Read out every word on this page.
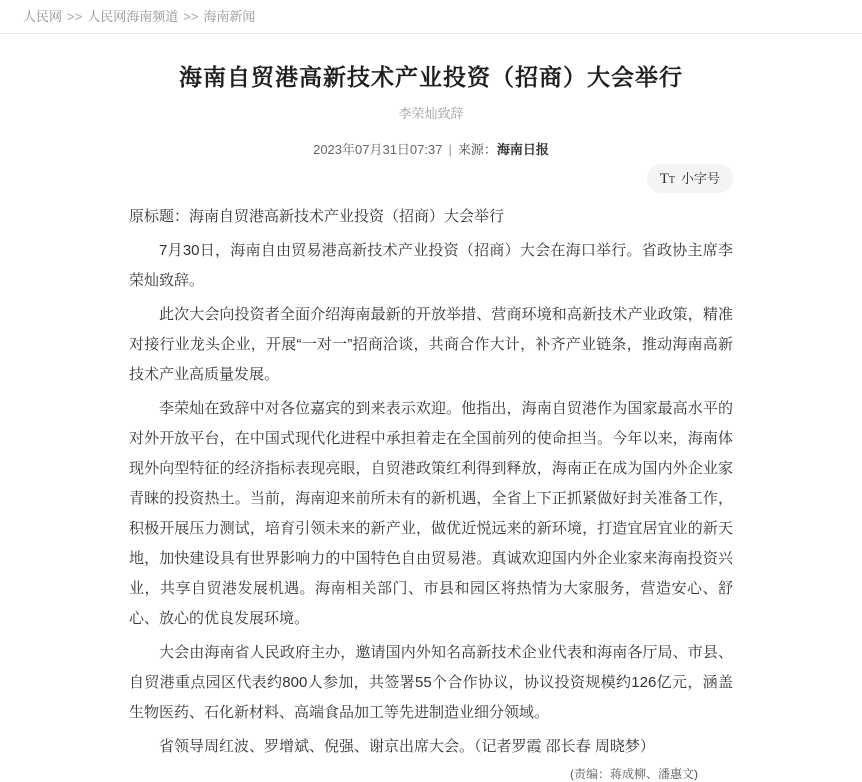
人民网 >> 人民网海南频道 >> 海南新闻
海南自贸港高新技术产业投资（招商）大会举行
李荣灿致辞
2023年07月31日07:37 | 来源：海南日报
T T 小字号

原标题：海南自贸港高新技术产业投资（招商）大会举行

7月30日，海南自由贸易港高新技术产业投资（招商）大会在海口举行。省政协主席李荣灿致辞。

此次大会向投资者全面介绍海南最新的开放举措、营商环境和高新技术产业政策，精准对接行业龙头企业，开展“一对一”招商洽谈，共商合作大计，补齐产业链条，推动海南高新技术产业高质量发展。

李荣灿在致辞中对各位嘉宾的到来表示欢迎。他指出，海南自贸港作为国家最高水平的对外开放平台，在中国式现代化进程中承担着走在全国前列的使命担当。今年以来，海南体现外向型特征的经济指标表现亮眼，自贸港政策红利得到释放，海南正在成为国内外企业家青睐的投资热土。当前，海南迎来前所未有的新机遇，全省上下正抓紧做好封关准备工作，积极开展压力测试，培育引领未来的新产业，做优近悦远来的新环境，打造宜居宜业的新天地，加快建设具有世界影响力的中国特色自由贸易港。真诚欢迎国内外企业家来海南投资兴业，共享自贸港发展机遇。海南相关部门、市县和园区将热情为大家服务，营造安心、舒心、放心的优良发展环境。

大会由海南省人民政府主办，邀请国内外知名高新技术企业代表和海南各厅局、市县、自贸港重点园区代表约800人参加，共签署55个合作协议，协议投资规模约126亿元，涵盖生物医药、石化新材料、高端食品加工等先进制造业细分领域。

省领导周红波、罗增斌、倪强、谢京出席大会。（记者罗霞 邵长春 周晓梦）

(责编：蒋成柳、潘惠文)
